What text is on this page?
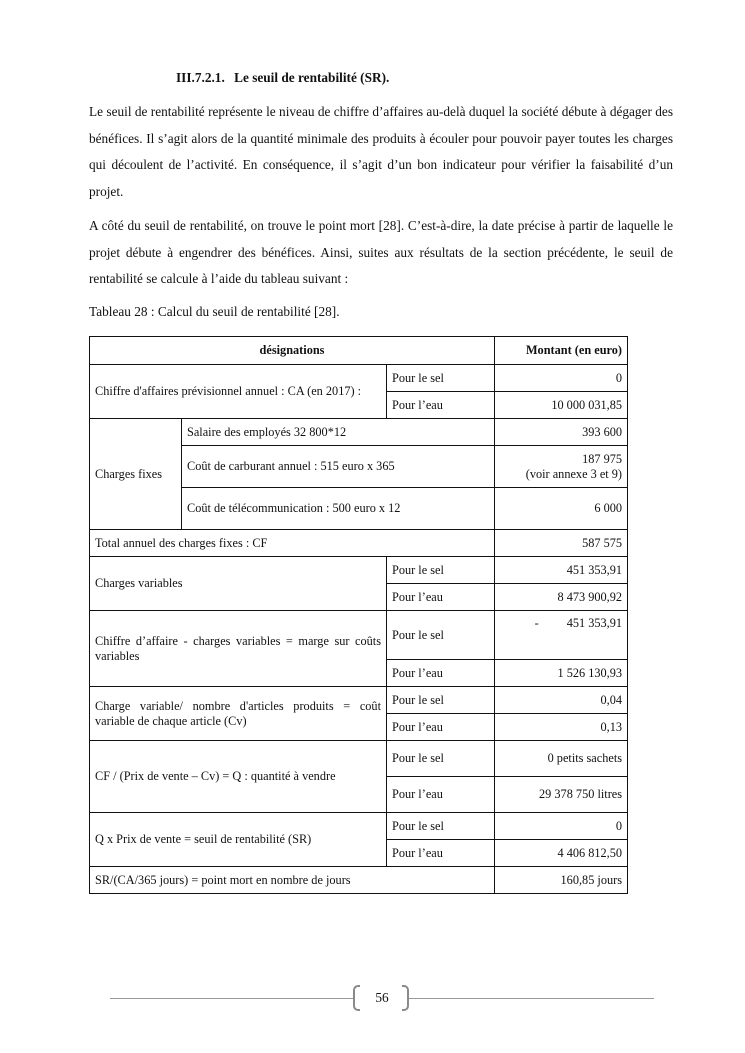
III.7.2.1. Le seuil de rentabilité (SR).
Le seuil de rentabilité représente le niveau de chiffre d’affaires au-delà duquel la société débute à dégager des bénéfices. Il s’agit alors de la quantité minimale des produits à écouler pour pouvoir payer toutes les charges qui découlent de l’activité. En conséquence, il s’agit d’un bon indicateur pour vérifier la faisabilité d’un projet.
A côté du seuil de rentabilité, on trouve le point mort [28]. C’est-à-dire, la date précise à partir de laquelle le projet débute à engendrer des bénéfices. Ainsi, suites aux résultats de la section précédente, le seuil de rentabilité se calcule à l’aide du tableau suivant :
Tableau 28 : Calcul du seuil de rentabilité [28].
désignations			Montant (en euro)
Chiffre d'affaires prévisionnel annuel : CA (en 2017) :		Pour le sel	0
		Pour l’eau	10 000 031,85
Charges fixes	Salaire des employés 32 800*12		393 600
	Coût de carburant annuel : 515 euro x 365		187 975
(voir annexe 3 et 9)

	Coût de télécommunication : 500 euro x 12		6 000
Total annuel des charges fixes : CF			587 575
Charges variables		Pour le sel	451 353,91
		Pour l’eau	8 473 900,92
Chiffre d’affaire - charges variables = marge sur coûts variables		Pour le sel	- 451 353,91
		Pour l’eau	1 526 130,93
Charge variable/ nombre d'articles produits = coût variable de chaque article (Cv)		Pour le sel	0,04
		Pour l’eau	0,13
CF / (Prix de vente – Cv) = Q : quantité à vendre		Pour le sel	0 petits sachets
		Pour l’eau	29 378 750 litres
Q x Prix de vente = seuil de rentabilité (SR)		Pour le sel	0
		Pour l’eau	4 406 812,50
SR/(CA/365 jours) = point mort en nombre de jours			160,85 jours
56
